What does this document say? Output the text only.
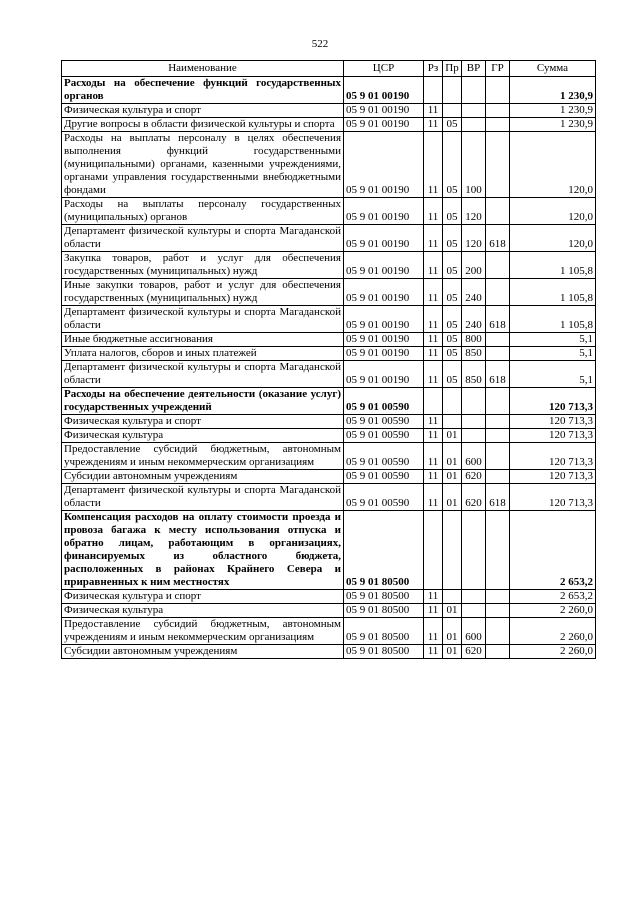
522
Наименование	ЦСР	Рз	Пр	ВР	ГР	Сумма
Расходы на обеспечение функций государственных органов	05 9 01 00190					1 230,9
Физическая культура и спорт	05 9 01 00190	11				1 230,9
Другие вопросы в области физической культуры и спорта	05 9 01 00190	11	05			1 230,9
Расходы на выплаты персоналу в целях обеспечения выполнения функций государственными (муниципальными) органами, казенными учреждениями, органами управления государственными внебюджетными фондами	05 9 01 00190	11	05	100		120,0
Расходы на выплаты персоналу государственных (муниципальных) органов	05 9 01 00190	11	05	120		120,0
Департамент физической культуры и спорта Магаданской области	05 9 01 00190	11	05	120	618	120,0
Закупка товаров, работ и услуг для обеспечения государственных (муниципальных) нужд	05 9 01 00190	11	05	200		1 105,8
Иные закупки товаров, работ и услуг для обеспечения государственных (муниципальных) нужд	05 9 01 00190	11	05	240		1 105,8
Департамент физической культуры и спорта Магаданской области	05 9 01 00190	11	05	240	618	1 105,8
Иные бюджетные ассигнования	05 9 01 00190	11	05	800		5,1
Уплата налогов, сборов и иных платежей	05 9 01 00190	11	05	850		5,1
Департамент физической культуры и спорта Магаданской области	05 9 01 00190	11	05	850	618	5,1
Расходы на обеспечение деятельности (оказание услуг) государственных учреждений	05 9 01 00590					120 713,3
Физическая культура и спорт	05 9 01 00590	11				120 713,3
Физическая культура	05 9 01 00590	11	01			120 713,3
Предоставление субсидий бюджетным, автономным учреждениям и иным некоммерческим организациям	05 9 01 00590	11	01	600		120 713,3
Субсидии автономным учреждениям	05 9 01 00590	11	01	620		120 713,3
Департамент физической культуры и спорта Магаданской области	05 9 01 00590	11	01	620	618	120 713,3
Компенсация расходов на оплату стоимости проезда и провоза багажа к месту использования отпуска и обратно лицам, работающим в организациях, финансируемых из областного бюджета, расположенных в районах Крайнего Севера и приравненных к ним местностях	05 9 01 80500					2 653,2
Физическая культура и спорт	05 9 01 80500	11				2 653,2
Физическая культура	05 9 01 80500	11	01			2 260,0
Предоставление субсидий бюджетным, автономным учреждениям и иным некоммерческим организациям	05 9 01 80500	11	01	600		2 260,0
Субсидии автономным учреждениям	05 9 01 80500	11	01	620		2 260,0
